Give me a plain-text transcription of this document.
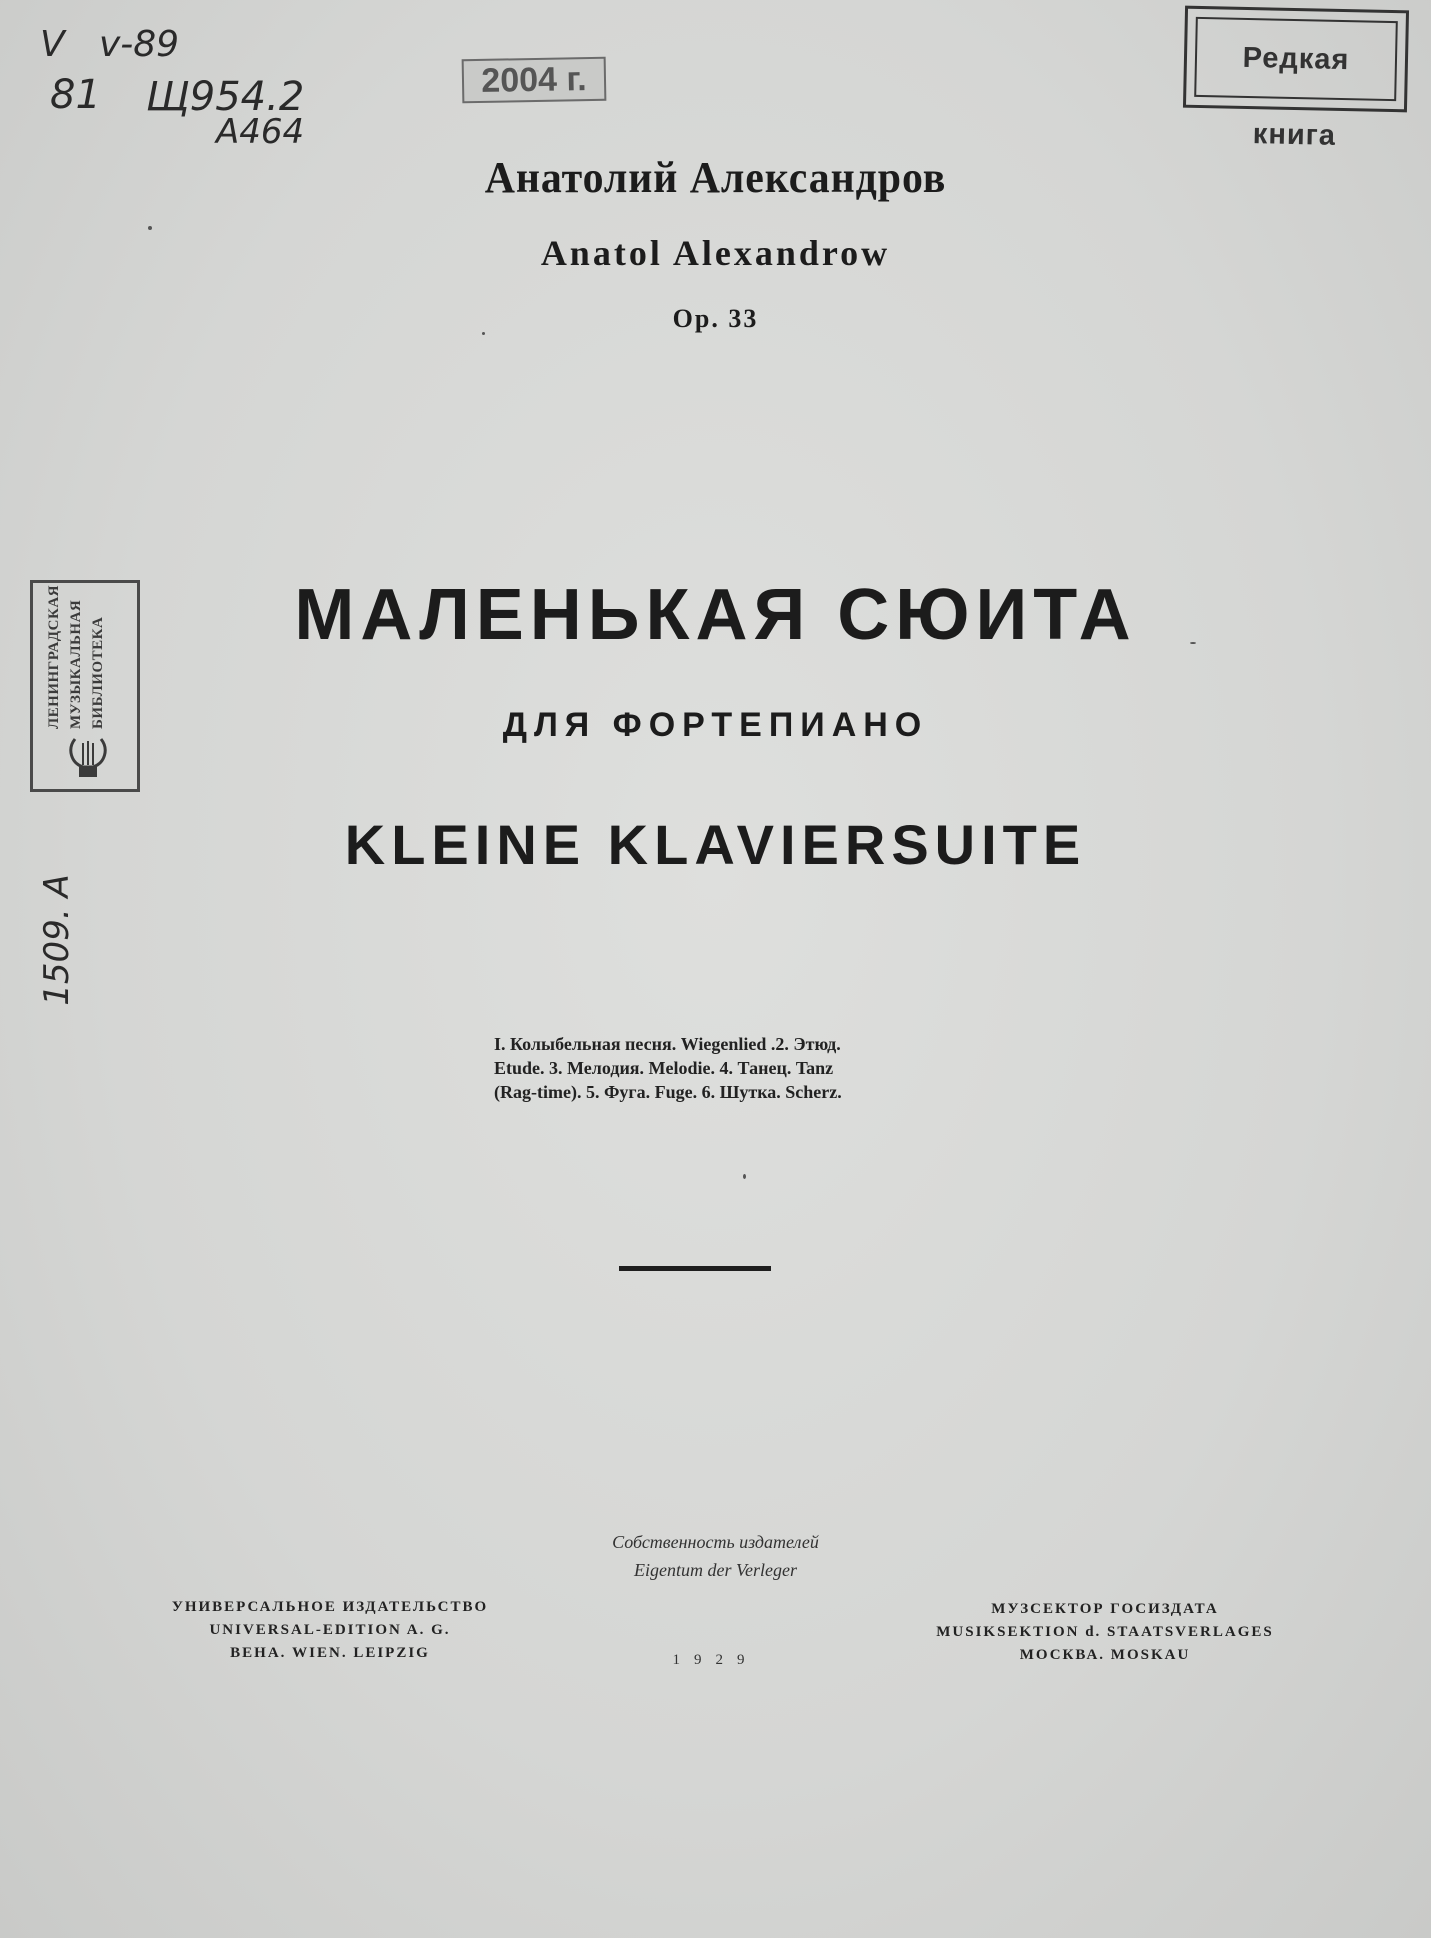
V   v-89
81 Щ954.2
А464
1509. А
2004 г.
Редкая книга
ЛЕНИНГРАДСКАЯ МУЗЫКАЛЬНАЯ БИБЛИОТЕКА
Анатолий Александров
Anatol Alexandrow
Op. 33
МАЛЕНЬКАЯ СЮИТА
ДЛЯ ФОРТЕПИАНО
KLEINE KLAVIERSUITE
I. Колыбельная песня. Wiegenlied .2. Этюд.
Etude. 3. Мелодия. Melodie. 4. Танец. Tanz
(Rag-time). 5. Фуга. Fuge. 6. Шутка. Scherz.
Собственность издателей
Eigentum der Verleger
УНИВЕРСАЛЬНОЕ ИЗДАТЕЛЬСТВО
UNIVERSAL-EDITION A. G.
ВЕНА. WIEN. LEIPZIG	1929
МУЗСЕКТОР ГОСИЗДАТА
MUSIKSEKTION d. STAATSVERLAGES
МОСКВА. MOSKAU
